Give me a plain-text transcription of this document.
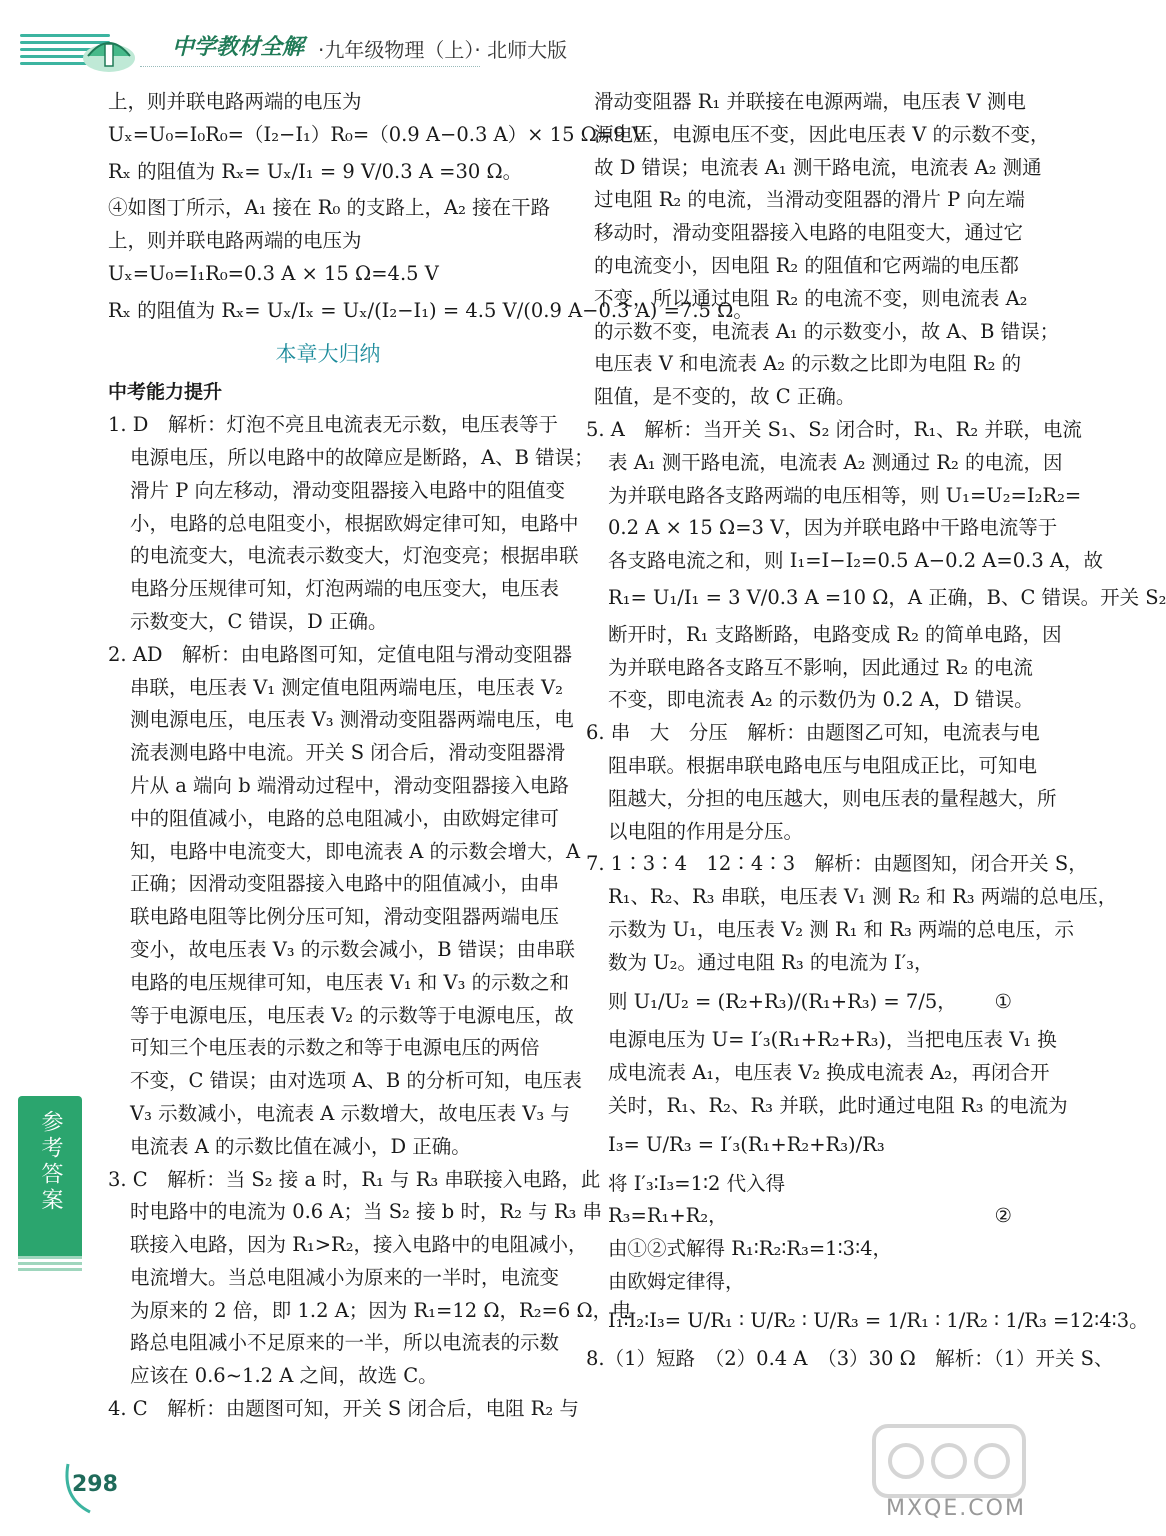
中学教材全解 ·九年级物理（上）· 北师大版

上，则并联电路两端的电压为

Uₓ=U₀=I₀R₀=（I₂−I₁）R₀=（0.9 A−0.3 A）× 15 Ω=9 V

Rₓ 的阻值为 Rₓ= Uₓ/I₁ = 9 V/0.3 A =30 Ω。

④如图丁所示，A₁ 接在 R₀ 的支路上，A₂ 接在干路

上，则并联电路两端的电压为

Uₓ=U₀=I₁R₀=0.3 A × 15 Ω=4.5 V

Rₓ 的阻值为 Rₓ= Uₓ/Iₓ = Uₓ/(I₂−I₁) = 4.5 V/(0.9 A−0.3 A) =7.5 Ω。

本章大归纳

中考能力提升

1. D　解析：灯泡不亮且电流表无示数，电压表等于

电源电压，所以电路中的故障应是断路，A、B 错误；

滑片 P 向左移动，滑动变阻器接入电路中的阻值变

小，电路的总电阻变小，根据欧姆定律可知，电路中

的电流变大，电流表示数变大，灯泡变亮；根据串联

电路分压规律可知，灯泡两端的电压变大，电压表

示数变大，C 错误，D 正确。

2. AD　解析：由电路图可知，定值电阻与滑动变阻器

串联，电压表 V₁ 测定值电阻两端电压，电压表 V₂

测电源电压，电压表 V₃ 测滑动变阻器两端电压，电

流表测电路中电流。开关 S 闭合后，滑动变阻器滑

片从 a 端向 b 端滑动过程中，滑动变阻器接入电路

中的阻值减小，电路的总电阻减小，由欧姆定律可

知，电路中电流变大，即电流表 A 的示数会增大，A

正确；因滑动变阻器接入电路中的阻值减小，由串

联电路电阻等比例分压可知，滑动变阻器两端电压

变小，故电压表 V₃ 的示数会减小，B 错误；由串联

电路的电压规律可知，电压表 V₁ 和 V₃ 的示数之和

等于电源电压，电压表 V₂ 的示数等于电源电压，故

可知三个电压表的示数之和等于电源电压的两倍

不变，C 错误；由对选项 A、B 的分析可知，电压表

V₃ 示数减小，电流表 A 示数增大，故电压表 V₃ 与

电流表 A 的示数比值在减小，D 正确。

3. C　解析：当 S₂ 接 a 时，R₁ 与 R₃ 串联接入电路，此

时电路中的电流为 0.6 A；当 S₂ 接 b 时，R₂ 与 R₃ 串

联接入电路，因为 R₁>R₂，接入电路中的电阻减小，

电流增大。当总电阻减小为原来的一半时，电流变

为原来的 2 倍，即 1.2 A；因为 R₁=12 Ω，R₂=6 Ω，电

路总电阻减小不足原来的一半，所以电流表的示数

应该在 0.6~1.2 A 之间，故选 C。

4. C　解析：由题图可知，开关 S 闭合后，电阻 R₂ 与

滑动变阻器 R₁ 并联接在电源两端，电压表 V 测电

源电压，电源电压不变，因此电压表 V 的示数不变，

故 D 错误；电流表 A₁ 测干路电流，电流表 A₂ 测通

过电阻 R₂ 的电流，当滑动变阻器的滑片 P 向左端

移动时，滑动变阻器接入电路的电阻变大，通过它

的电流变小，因电阻 R₂ 的阻值和它两端的电压都

不变，所以通过电阻 R₂ 的电流不变，则电流表 A₂

的示数不变，电流表 A₁ 的示数变小，故 A、B 错误；

电压表 V 和电流表 A₂ 的示数之比即为电阻 R₂ 的

阻值，是不变的，故 C 正确。

5. A　解析：当开关 S₁、S₂ 闭合时，R₁、R₂ 并联，电流

表 A₁ 测干路电流，电流表 A₂ 测通过 R₂ 的电流，因

为并联电路各支路两端的电压相等，则 U₁=U₂=I₂R₂=

0.2 A × 15 Ω=3 V，因为并联电路中干路电流等于

各支路电流之和，则 I₁=I−I₂=0.5 A−0.2 A=0.3 A，故

R₁= U₁/I₁ = 3 V/0.3 A =10 Ω，A 正确，B、C 错误。开关 S₂

断开时，R₁ 支路断路，电路变成 R₂ 的简单电路，因

为并联电路各支路互不影响，因此通过 R₂ 的电流

不变，即电流表 A₂ 的示数仍为 0.2 A，D 错误。

6. 串　大　分压　解析：由题图乙可知，电流表与电

阻串联。根据串联电路电压与电阻成正比，可知电

阻越大，分担的电压越大，则电压表的量程越大，所

以电阻的作用是分压。

7. 1∶3∶4　12∶4∶3　解析：由题图知，闭合开关 S，

R₁、R₂、R₃ 串联，电压表 V₁ 测 R₂ 和 R₃ 两端的总电压，

示数为 U₁，电压表 V₂ 测 R₁ 和 R₃ 两端的总电压，示

数为 U₂。通过电阻 R₃ 的电流为 I′₃，

则 U₁/U₂ = (R₂+R₃)/(R₁+R₃) = 7/5， ①

电源电压为 U= I′₃(R₁+R₂+R₃)，当把电压表 V₁ 换

成电流表 A₁，电压表 V₂ 换成电流表 A₂，再闭合开

关时，R₁、R₂、R₃ 并联，此时通过电阻 R₃ 的电流为

I₃= U/R₃ = I′₃(R₁+R₂+R₃)/R₃

将 I′₃∶I₃=1∶2 代入得

R₃=R₁+R₂，	②

由①②式解得 R₁∶R₂∶R₃=1∶3∶4，

由欧姆定律得，

I₁∶I₂∶I₃= U/R₁ ∶ U/R₂ ∶ U/R₃ = 1/R₁ ∶ 1/R₂ ∶ 1/R₃ =12∶4∶3。

8.（1）短路　（2）0.4 A　（3）30 Ω　解析：（1）开关 S、

参考答案
298
MXQE.COM
